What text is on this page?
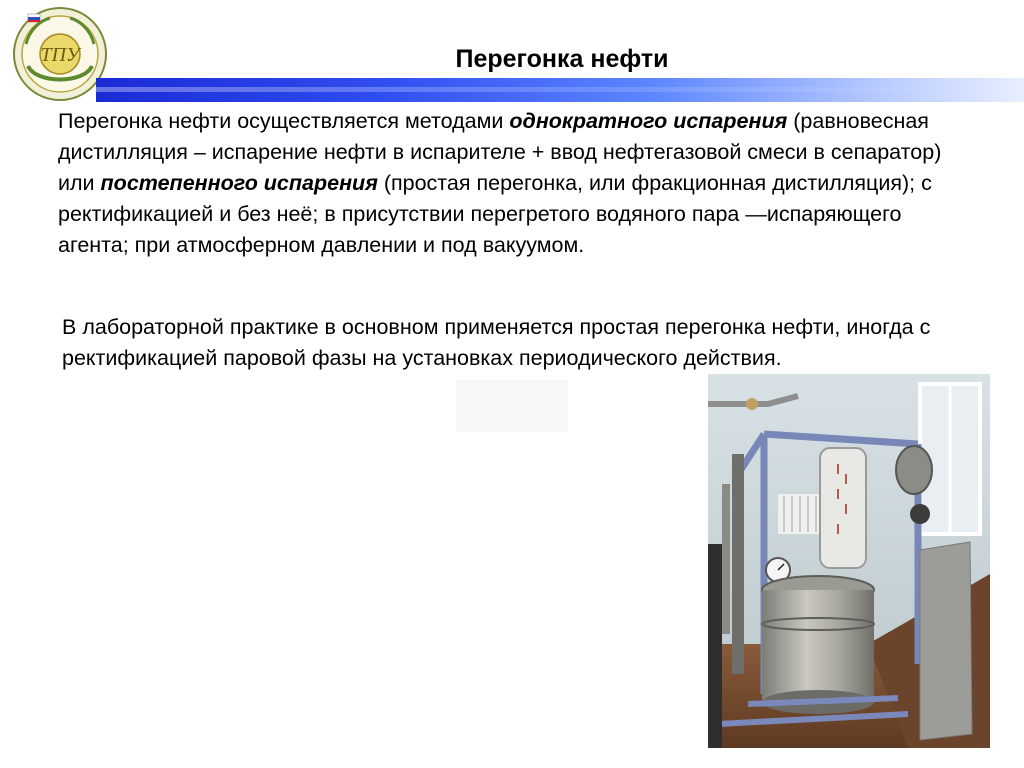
ТПУ	Перегонка нефти
Перегонка нефти осуществляется методами однократного испарения (равновесная дистилляция – испарение нефти в испарителе + ввод нефтегазовой смеси в сепаратор) или постепенного испарения (простая перегонка, или фракционная дистилляция); с ректификацией и без неё; в присутствии перегретого водяного пара —испаряющего агента; при атмосферном давлении и под вакуумом.
В лабораторной практике в основном применяется простая перегонка нефти, иногда с ректификацией паровой фазы на установках периодического действия.
